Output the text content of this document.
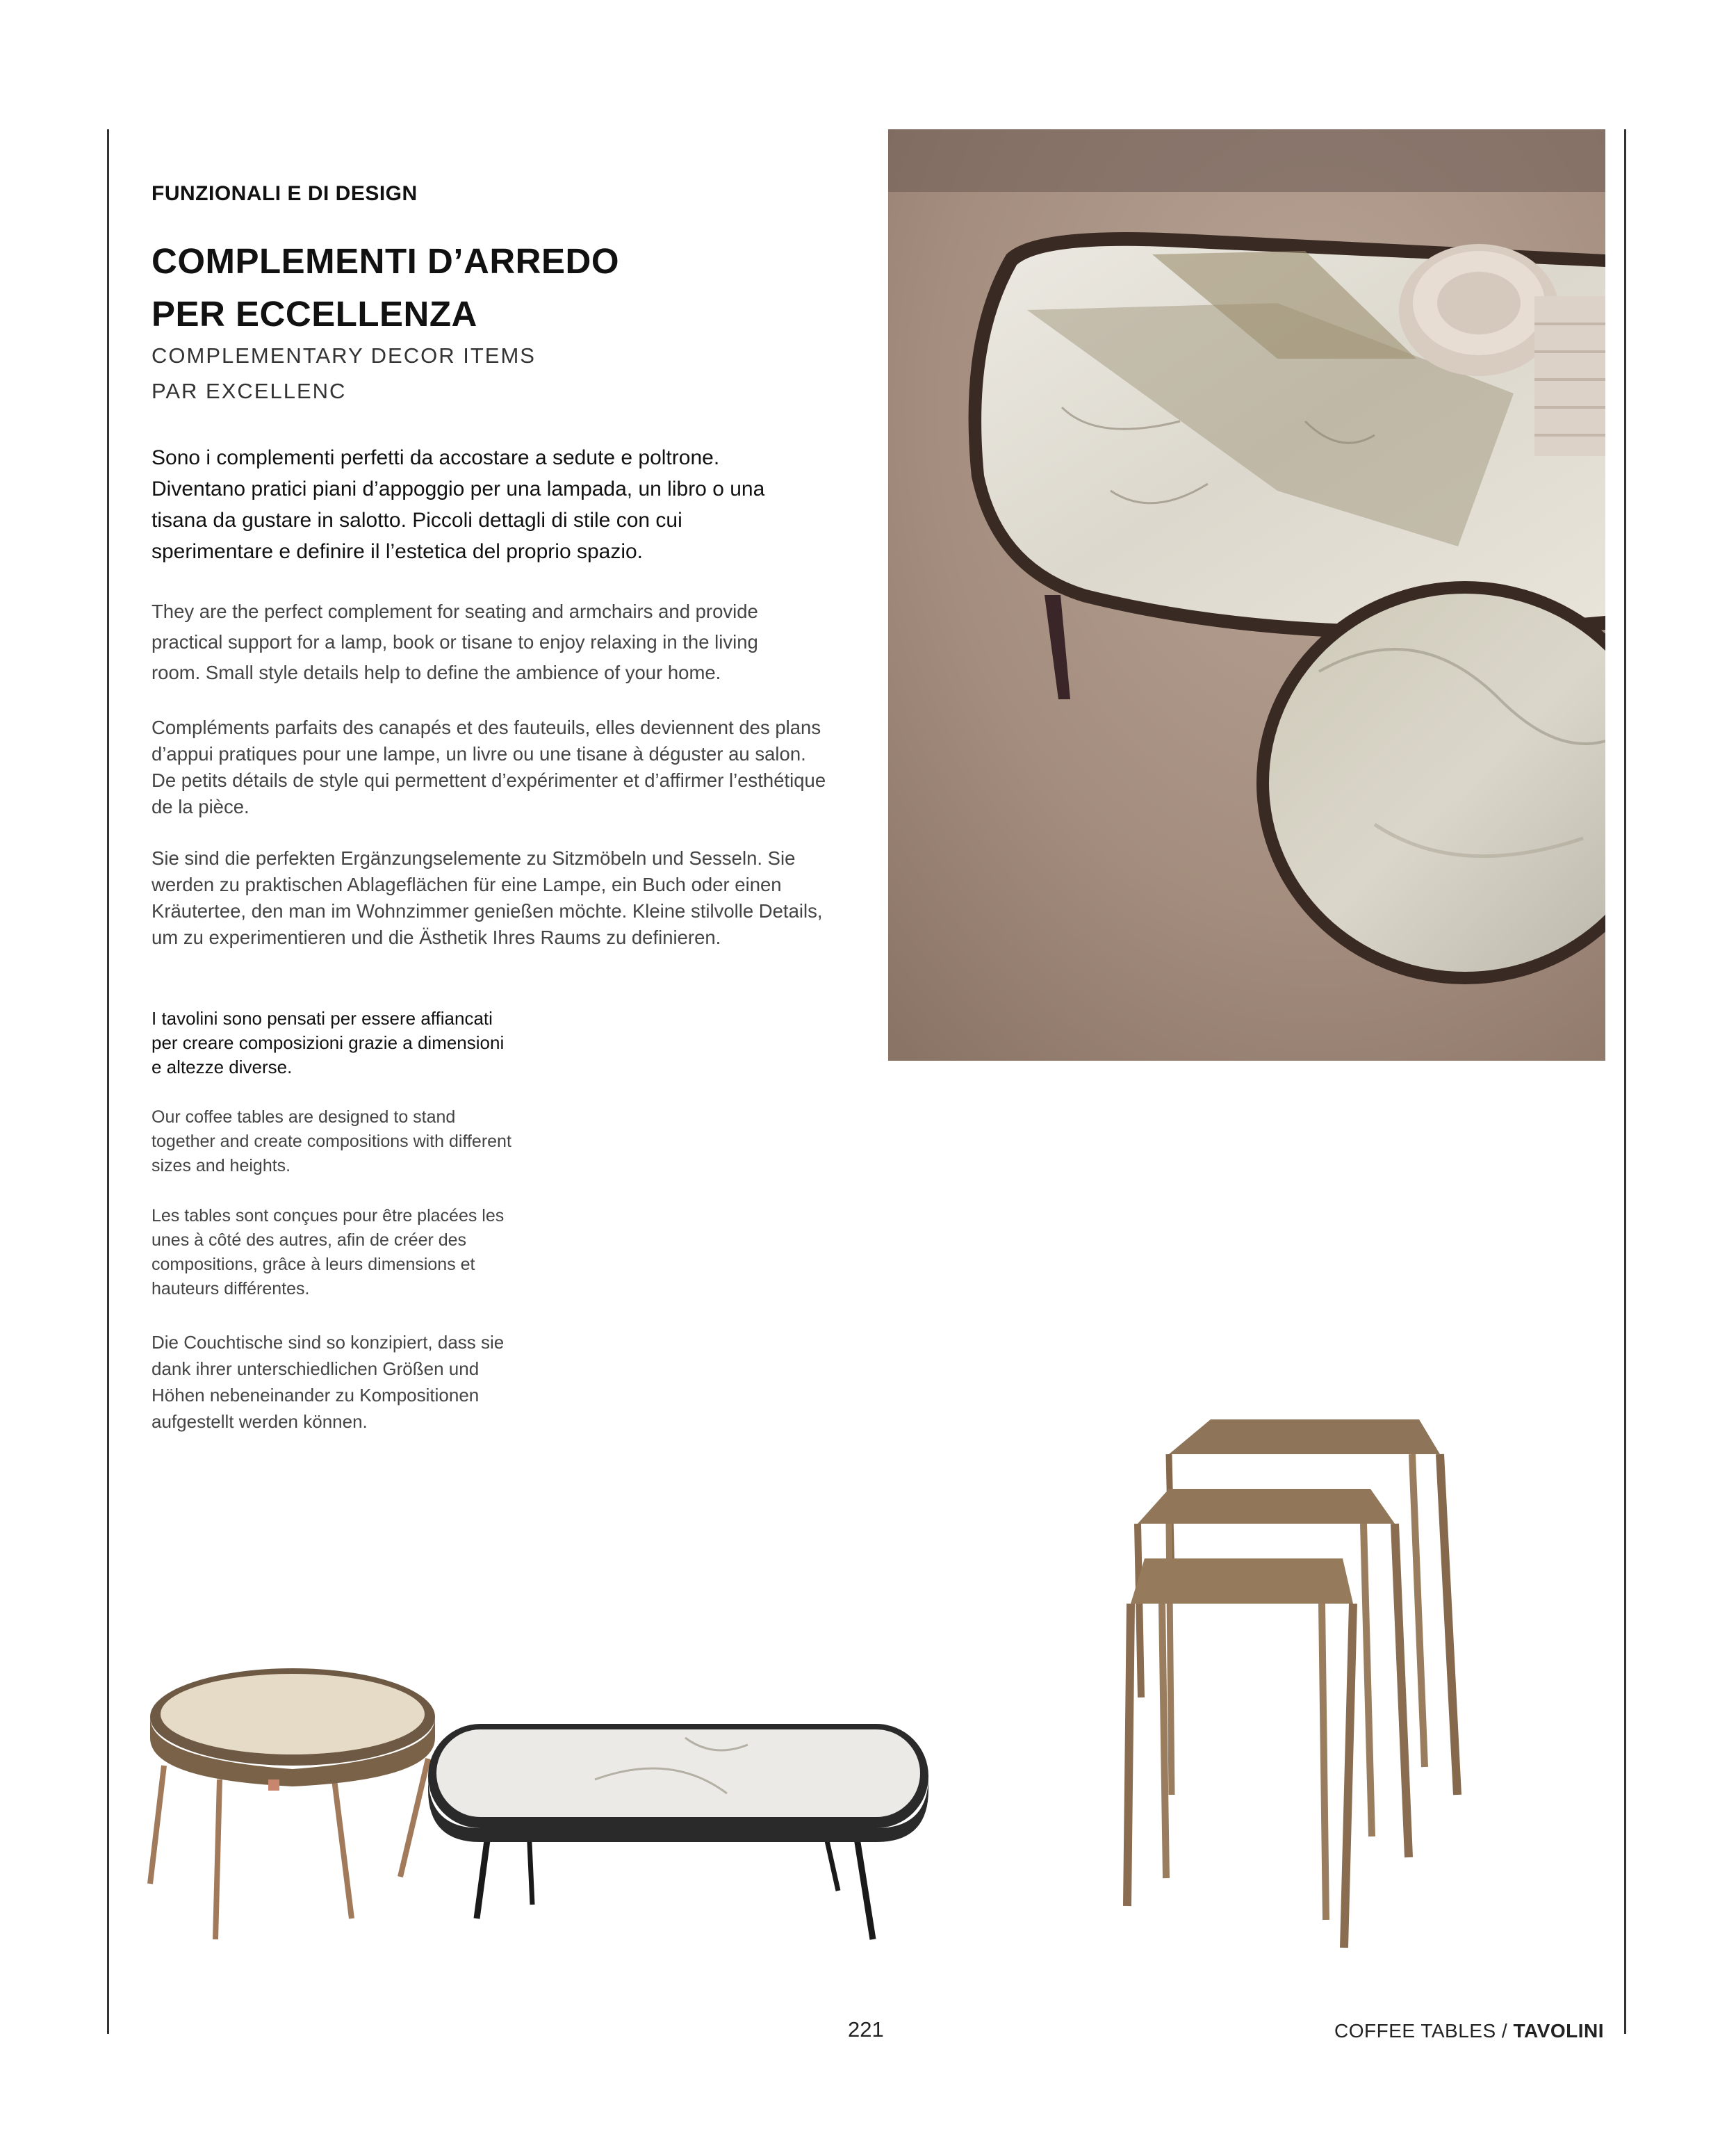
FUNZIONALI E DI DESIGN
COMPLEMENTI D’ARREDO
PER ECCELLENZA
COMPLEMENTARY DECOR ITEMS
PAR EXCELLENC

Sono i complementi perfetti da accostare a sedute e poltrone. Diventano pratici piani d’appoggio per una lampada, un libro o una tisana da gustare in salotto. Piccoli dettagli di stile con cui sperimentare e definire il l’estetica del proprio spazio.

They are the perfect complement for seating and armchairs and provide practical support for a lamp, book or tisane to enjoy relaxing in the living room. Small style details help to define the ambience of your home.

Compléments parfaits des canapés et des fauteuils, elles deviennent des plans d’appui pratiques pour une lampe, un livre ou une tisane à déguster au salon. De petits détails de style qui permettent d’expérimenter et d’affirmer l’esthétique de la pièce.

Sie sind die perfekten Ergänzungselemente zu Sitzmöbeln und Sesseln. Sie werden zu praktischen Ablageflächen für eine Lampe, ein Buch oder einen Kräutertee, den man im Wohnzimmer genießen möchte. Kleine stilvolle Details, um zu experimentieren und die Ästhetik Ihres Raums zu definieren.

I tavolini sono pensati per essere affiancati per creare composizioni grazie a dimensioni e altezze diverse.

Our coffee tables are designed to stand together and create compositions with different sizes and heights.

Les tables sont conçues pour être placées les unes à côté des autres, afin de créer des compositions, grâce à leurs dimensions et hauteurs différentes.

Die Couchtische sind so konzipiert, dass sie dank ihrer unterschiedlichen Größen und Höhen nebeneinander zu Kompositionen aufgestellt werden können.

221	COFFEE TABLES / TAVOLINI
